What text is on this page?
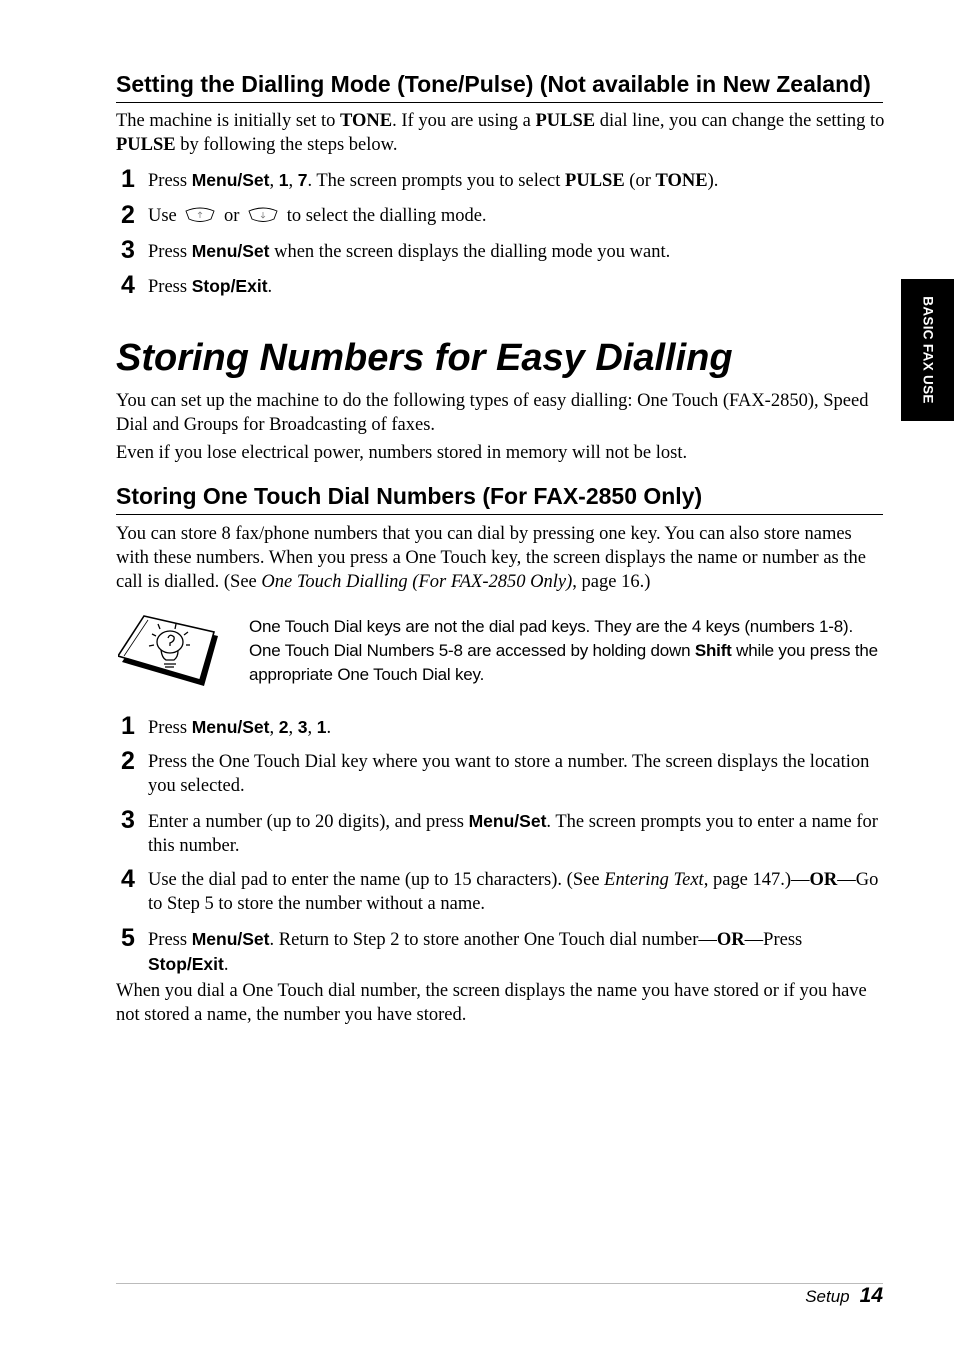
Setting the Dialling Mode (Tone/Pulse) (Not available in New Zealand)
The machine is initially set to TONE. If you are using a PULSE dial line, you can change the setting to PULSE by following the steps below.
1 Press Menu/Set, 1, 7. The screen prompts you to select PULSE (or TONE).
2 Use  or  to select the dialling mode.
3 Press Menu/Set when the screen displays the dialling mode you want.
4 Press Stop/Exit.
BASIC FAX USE
Storing Numbers for Easy Dialling
You can set up the machine to do the following types of easy dialling: One Touch (FAX-2850), Speed Dial and Groups for Broadcasting of faxes.
Even if you lose electrical power, numbers stored in memory will not be lost.
Storing One Touch Dial Numbers (For FAX-2850 Only)
You can store 8 fax/phone numbers that you can dial by pressing one key. You can also store names with these numbers. When you press a One Touch key, the screen displays the name or number as the call is dialled. (See One Touch Dialling (For FAX-2850 Only), page 16.)
One Touch Dial keys are not the dial pad keys. They are the 4 keys (numbers 1-8). One Touch Dial Numbers 5-8 are accessed by holding down Shift while you press the appropriate One Touch Dial key.
1 Press Menu/Set, 2, 3, 1.
2 Press the One Touch Dial key where you want to store a number. The screen displays the location you selected.
3 Enter a number (up to 20 digits), and press Menu/Set. The screen prompts you to enter a name for this number.
4 Use the dial pad to enter the name (up to 15 characters). (See Entering Text, page 147.)—OR—Go to Step 5 to store the number without a name.
5 Press Menu/Set. Return to Step 2 to store another One Touch dial number—OR—Press Stop/Exit.
When you dial a One Touch dial number, the screen displays the name you have stored or if you have not stored a name, the number you have stored.
Setup 14
